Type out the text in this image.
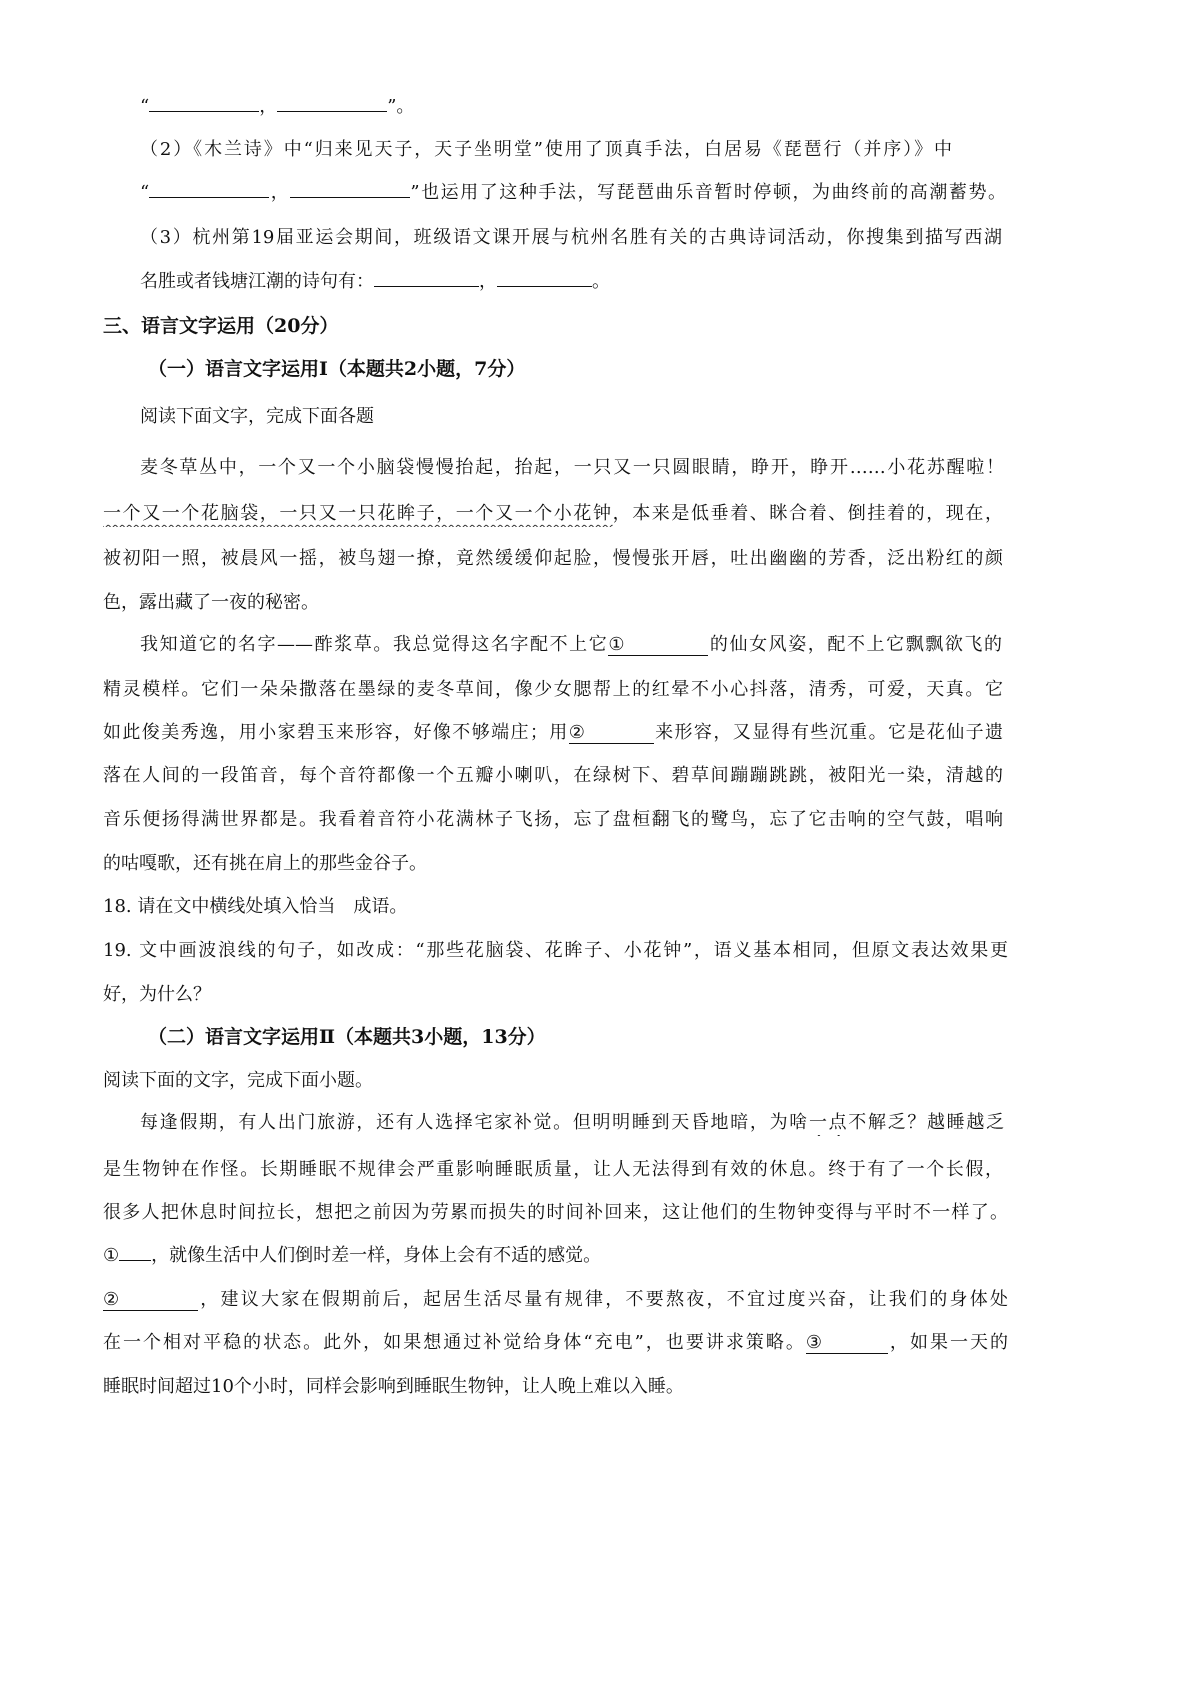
“	，	”。
（2）《木兰诗》中“归来见天子，天子坐明堂”使用了顶真手法，白居易《琵琶行（并序）》中
“	，	”也运用了这种手法，写琵琶曲乐音暂时停顿，为曲终前的高潮蓄势。
（3）杭州第19届亚运会期间，班级语文课开展与杭州名胜有关的古典诗词活动，你搜集到描写西湖
名胜或者钱塘江潮的诗句有：	，	。
三、语言文字运用（20分）
（一）语言文字运用Ⅰ（本题共2小题，7分）
阅读下面文字，完成下面各题
麦冬草丛中，一个又一个小脑袋慢慢抬起，抬起，一只又一只圆眼睛，睁开，睁开……小花苏醒啦！
一个又一个花脑袋，一只又一只花眸子，一个又一个小花钟，本来是低垂着、眯合着、倒挂着的，现在，
被初阳一照，被晨风一摇，被鸟翅一撩，竟然缓缓仰起脸，慢慢张开唇，吐出幽幽的芳香，泛出粉红的颜
色，露出藏了一夜的秘密。
我知道它的名字——酢浆草。我总觉得这名字配不上它①	的仙女风姿，配不上它飘飘欲飞的
精灵模样。它们一朵朵撒落在墨绿的麦冬草间，像少女腮帮上的红晕不小心抖落，清秀，可爱，天真。它
如此俊美秀逸，用小家碧玉来形容，好像不够端庄；用②	来形容，又显得有些沉重。它是花仙子遗
落在人间的一段笛音，每个音符都像一个五瓣小喇叭，在绿树下、碧草间蹦蹦跳跳，被阳光一染，清越的
音乐便扬得满世界都是。我看着音符小花满林子飞扬，忘了盘桓翻飞的鹭鸟，忘了它击响的空气鼓，唱响
的咕嘎歌，还有挑在肩上的那些金谷子。
18. 请在文中横线处填入恰当　成语。
19. 文中画波浪线的句子，如改成：“那些花脑袋、花眸子、小花钟”，语义基本相同，但原文表达效果更
好，为什么？
（二）语言文字运用Ⅱ（本题共3小题，13分）
阅读下面的文字，完成下面小题。
每逢假期，有人出门旅游，还有人选择宅家补觉。但明明睡到天昏地暗，为啥一点不解乏？越睡越乏
是生物钟在作怪。长期睡眠不规律会严重影响睡眠质量，让人无法得到有效的休息。终于有了一个长假，
很多人把休息时间拉长，想把之前因为劳累而损失的时间补回来，这让他们的生物钟变得与平时不一样了。
① ，就像生活中人们倒时差一样，身体上会有不适的感觉。
②	，建议大家在假期前后，起居生活尽量有规律，不要熬夜，不宜过度兴奋，让我们的身体处
在一个相对平稳的状态。此外，如果想通过补觉给身体“充电”，也要讲求策略。③	，如果一天的
睡眠时间超过10个小时，同样会影响到睡眠生物钟，让人晚上难以入睡。
